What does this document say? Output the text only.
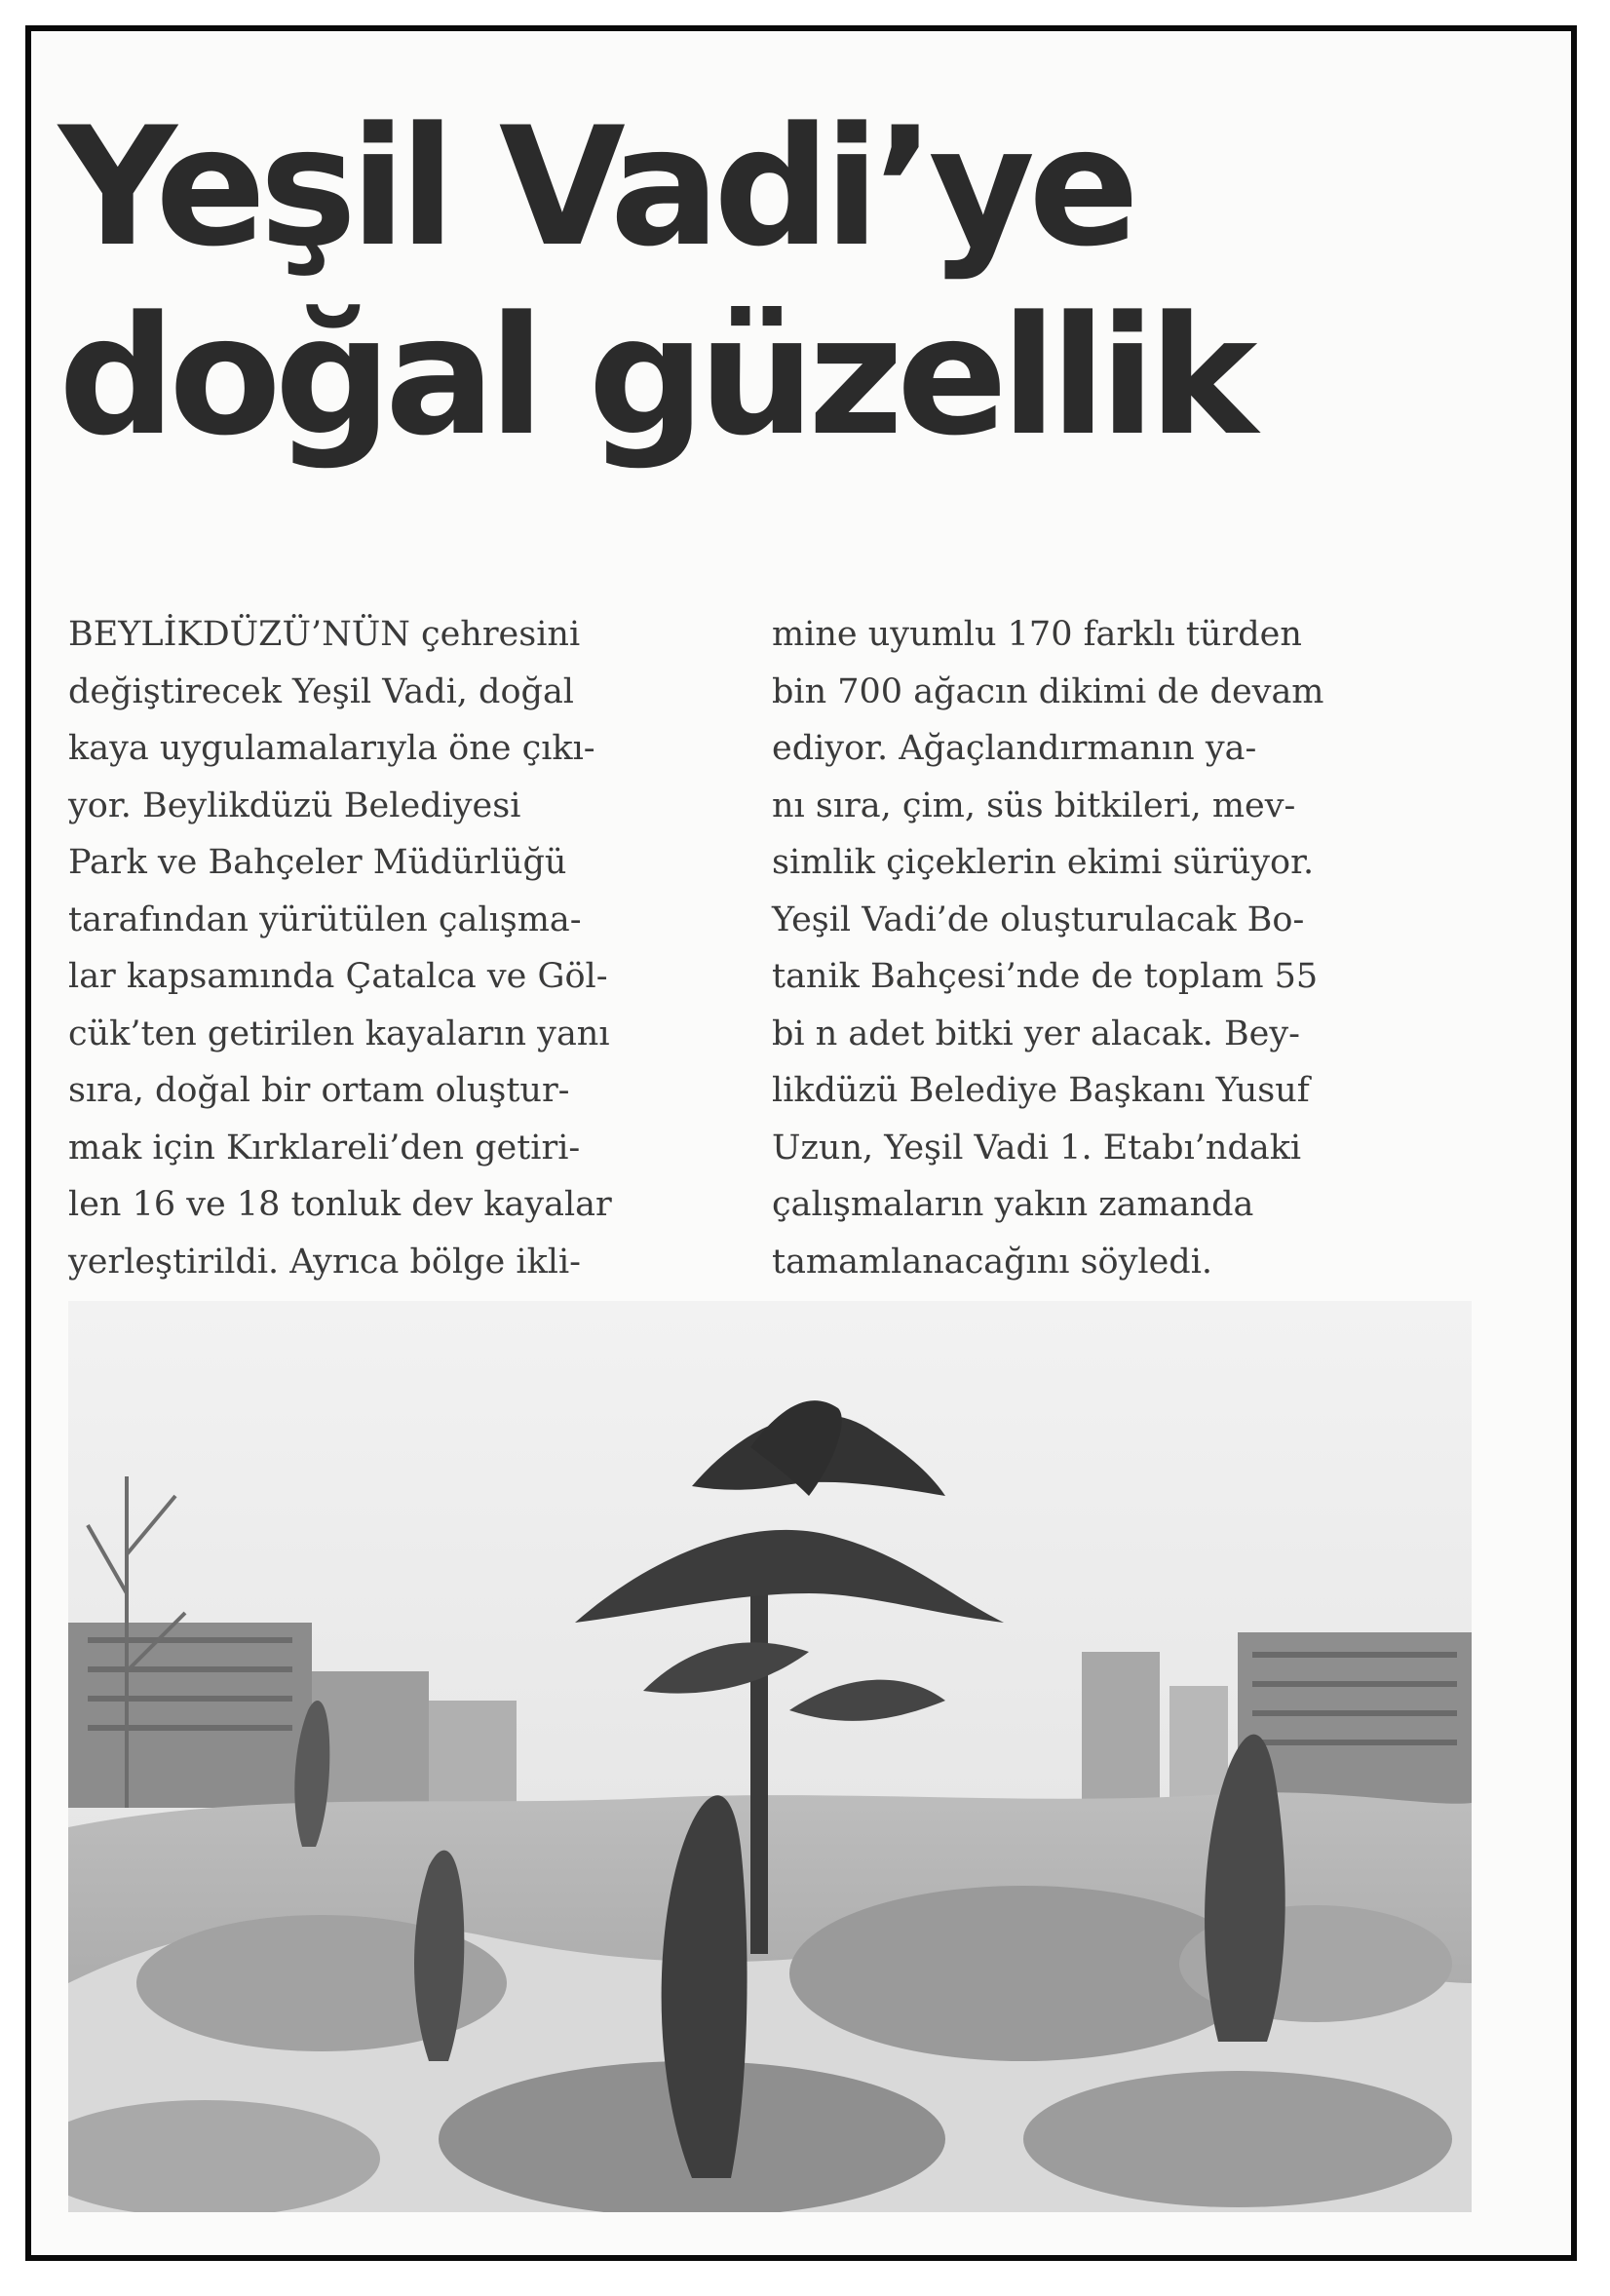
Yeşil Vadi’ye
doğal güzellik
BEYLİKDÜZÜ’NÜN çehresini
değiştirecek Yeşil Vadi, doğal
kaya uygulamalarıyla öne çıkı-
yor. Beylikdüzü Belediyesi
Park ve Bahçeler Müdürlüğü
tarafından yürütülen çalışma-
lar kapsamında Çatalca ve Göl-
cük’ten getirilen kayaların yanı
sıra, doğal bir ortam oluştur-
mak için Kırklareli’den getiri-
len 16 ve 18 tonluk dev kayalar
yerleştirildi. Ayrıca bölge ikli-
mine uyumlu 170 farklı türden
bin 700 ağacın dikimi de devam
ediyor. Ağaçlandırmanın ya-
nı sıra, çim, süs bitkileri, mev-
simlik çiçeklerin ekimi sürüyor.
Yeşil Vadi’de oluşturulacak Bo-
tanik Bahçesi’nde de toplam 55
bi n adet bitki yer alacak. Bey-
likdüzü Belediye Başkanı Yusuf
Uzun, Yeşil Vadi 1. Etabı’ndaki
çalışmaların yakın zamanda
tamamlanacağını söyledi.
